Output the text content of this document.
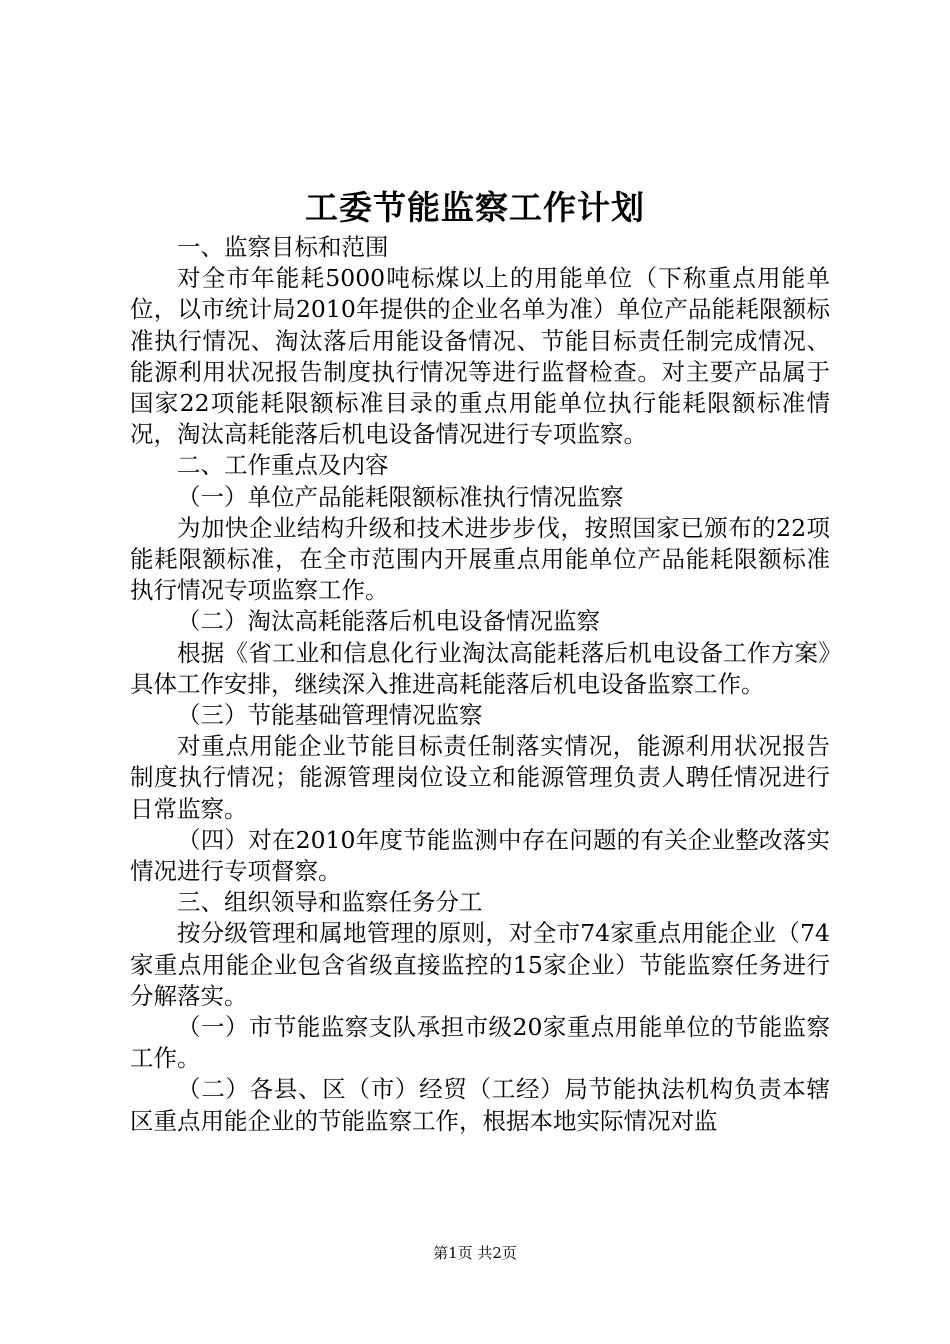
工委节能监察工作计划

一、监察目标和范围

对全市年能耗5000吨标煤以上的用能单位（下称重点用能单位，以市统计局2010年提供的企业名单为准）单位产品能耗限额标准执行情况、淘汰落后用能设备情况、节能目标责任制完成情况、能源利用状况报告制度执行情况等进行监督检查。对主要产品属于国家22项能耗限额标准目录的重点用能单位执行能耗限额标准情况，淘汰高耗能落后机电设备情况进行专项监察。

二、工作重点及内容

（一）单位产品能耗限额标准执行情况监察

为加快企业结构升级和技术进步步伐，按照国家已颁布的22项能耗限额标准，在全市范围内开展重点用能单位产品能耗限额标准执行情况专项监察工作。

（二）淘汰高耗能落后机电设备情况监察

根据《省工业和信息化行业淘汰高能耗落后机电设备工作方案》具体工作安排，继续深入推进高耗能落后机电设备监察工作。

（三）节能基础管理情况监察

对重点用能企业节能目标责任制落实情况，能源利用状况报告制度执行情况；能源管理岗位设立和能源管理负责人聘任情况进行日常监察。

（四）对在2010年度节能监测中存在问题的有关企业整改落实情况进行专项督察。

三、组织领导和监察任务分工

按分级管理和属地管理的原则，对全市74家重点用能企业（74家重点用能企业包含省级直接监控的15家企业）节能监察任务进行分解落实。

（一）市节能监察支队承担市级20家重点用能单位的节能监察工作。

（二）各县、区（市）经贸（工经）局节能执法机构负责本辖区重点用能企业的节能监察工作，根据本地实际情况对监

第1页 共2页
